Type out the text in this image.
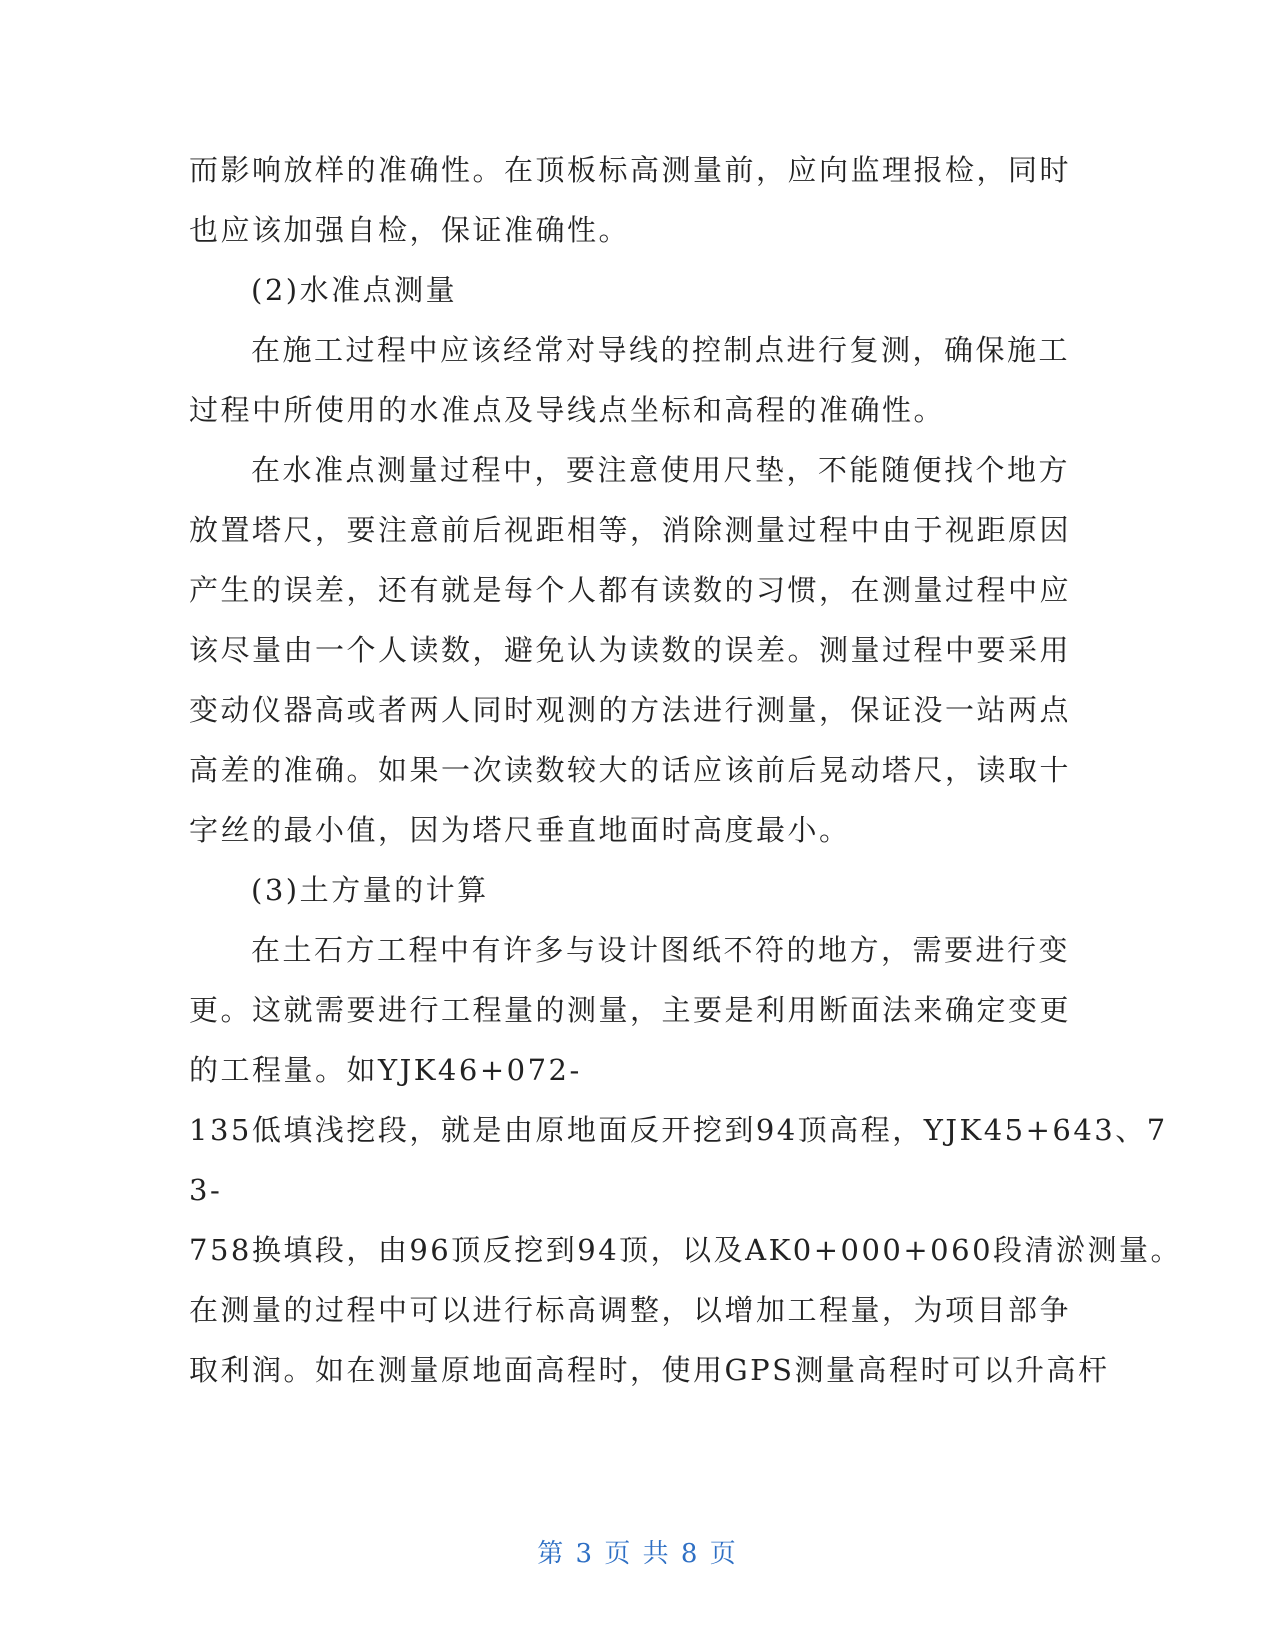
而影响放样的准确性。在顶板标高测量前，应向监理报检，同时
也应该加强自检，保证准确性。
(2)水准点测量
在施工过程中应该经常对导线的控制点进行复测，确保施工
过程中所使用的水准点及导线点坐标和高程的准确性。
在水准点测量过程中，要注意使用尺垫，不能随便找个地方
放置塔尺，要注意前后视距相等，消除测量过程中由于视距原因
产生的误差，还有就是每个人都有读数的习惯，在测量过程中应
该尽量由一个人读数，避免认为读数的误差。测量过程中要采用
变动仪器高或者两人同时观测的方法进行测量，保证没一站两点
高差的准确。如果一次读数较大的话应该前后晃动塔尺，读取十
字丝的最小值，因为塔尺垂直地面时高度最小。
(3)土方量的计算
在土石方工程中有许多与设计图纸不符的地方，需要进行变
更。这就需要进行工程量的测量，主要是利用断面法来确定变更
的工程量。如YJK46+072-
135低填浅挖段，就是由原地面反开挖到94顶高程，YJK45+643、7
3-
758换填段，由96顶反挖到94顶，以及AK0+000+060段清淤测量。
在测量的过程中可以进行标高调整，以增加工程量，为项目部争
取利润。如在测量原地面高程时，使用GPS测量高程时可以升高杆
第 3 页 共 8 页
